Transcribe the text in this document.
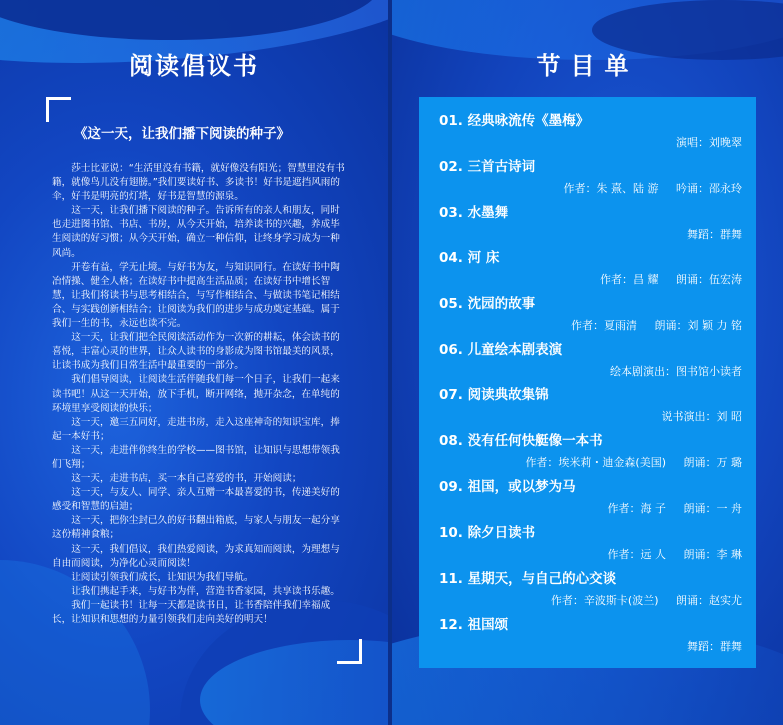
阅读倡议书
《这一天，让我们播下阅读的种子》

莎士比亚说：“生活里没有书籍，就好像没有阳光；智慧里没有书籍，就像鸟儿没有翅膀。”我们要读好书、多读书！好书是遮挡风雨的伞，好书是明亮的灯塔，好书是智慧的源泉。

这一天，让我们播下阅读的种子。告诉所有的亲人和朋友，同时也走进图书馆、书店、书房，从今天开始，培养读书的兴趣，养成毕生阅读的好习惯；从今天开始，确立一种信仰，让终身学习成为一种风尚。

开卷有益，学无止境。与好书为友，与知识同行。在读好书中陶冶情操、健全人格；在读好书中提高生活品质；在读好书中增长智慧，让我们将读书与思考相结合，与写作相结合、与做读书笔记相结合、与实践创新相结合；让阅读为我们的进步与成功奠定基础。属于我们一生的书，永远也读不完。

这一天，让我们把全民阅读活动作为一次新的耕耘，体会读书的喜悦，丰富心灵的世界，让众人读书的身影成为图书馆最美的风景，让读书成为我们日常生活中最重要的一部分。

我们倡导阅读，让阅读生活伴随我们每一个日子，让我们一起来读书吧！从这一天开始，放下手机，断开网络，抛开杂念，在单纯的环境里享受阅读的快乐；

这一天，邀三五同好，走进书房，走入这座神奇的知识宝库，捧起一本好书；

这一天，走进伴你终生的学校——图书馆，让知识与思想带领我们飞翔；

这一天，走进书店，买一本自己喜爱的书，开始阅读；

这一天，与友人、同学、亲人互赠一本最喜爱的书，传递美好的感受和智慧的启迪；

这一天，把你尘封已久的好书翻出箱底，与家人与朋友一起分享这份精神食粮；

这一天，我们倡议，我们热爱阅读，为求真知而阅读，为理想与自由而阅读，为净化心灵而阅读！

让阅读引领我们成长，让知识为我们导航。

让我们携起手来，与好书为伴，营造书香家园，共享读书乐趣。

我们一起读书！让每一天都是读书日，让书香陪伴我们幸福成长，让知识和思想的力量引领我们走向美好的明天！

节目单
01. 经典咏流传《墨梅》
演唱：刘晚翠
02. 三首古诗词
作者：朱 熹、陆 游     吟诵：邵永玲
03. 水墨舞
舞蹈：群舞
04. 河 床
作者：昌 耀     朗诵：伍宏涛
05. 沈园的故事
作者：夏雨清     朗诵：刘 颖 力 铭
06. 儿童绘本剧表演
绘本剧演出：图书馆小读者
07. 阅读典故集锦
说书演出：刘 昭
08. 没有任何快艇像一本书
作者：埃米莉・迪金森(美国)     朗诵：万 璐
09. 祖国，或以梦为马
作者：海 子     朗诵：一 舟
10. 除夕日读书
作者：远 人     朗诵：李 琳
11. 星期天，与自己的心交谈
作者：辛波斯卡(波兰)     朗诵：赵实尤
12. 祖国颂
舞蹈：群舞
